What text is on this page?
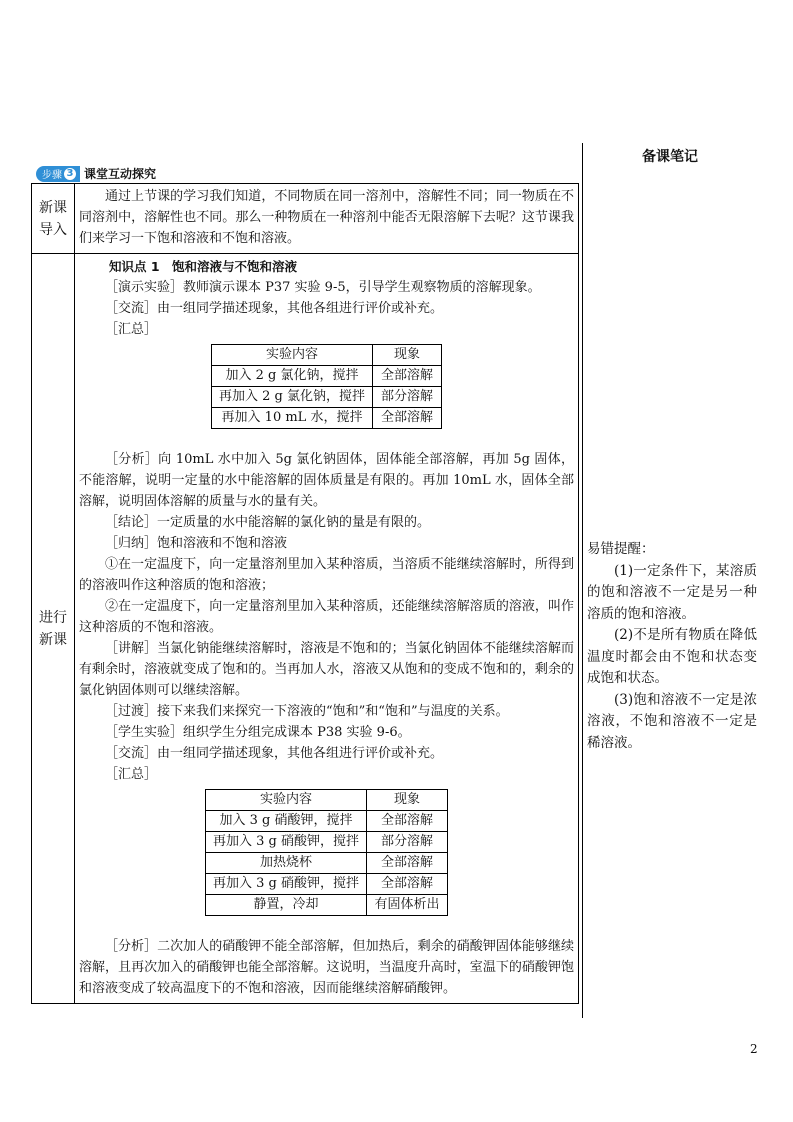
备课笔记
步骤 3 课堂互动探究
新课导入

通过上节课的学习我们知道，不同物质在同一溶剂中，溶解性不同；同一物质在不同溶剂中，溶解性也不同。那么一种物质在一种溶剂中能否无限溶解下去呢？这节课我们来学习一下饱和溶液和不饱和溶液。

进行新课

知识点 1　饱和溶液与不饱和溶液

［演示实验］教师演示课本 P37 实验 9-5，引导学生观察物质的溶解现象。

［交流］由一组同学描述现象，其他各组进行评价或补充。

［汇总］

实验内容	现象
加入 2 g 氯化钠，搅拌	全部溶解
再加入 2 g 氯化钠，搅拌	部分溶解
再加入 10 mL 水，搅拌	全部溶解

［分析］向 10mL 水中加入 5g 氯化钠固体，固体能全部溶解，再加 5g 固体，不能溶解，说明一定量的水中能溶解的固体质量是有限的。再加 10mL 水，固体全部溶解，说明固体溶解的质量与水的量有关。

［结论］一定质量的水中能溶解的氯化钠的量是有限的。

［归纳］饱和溶液和不饱和溶液

①在一定温度下，向一定量溶剂里加入某种溶质，当溶质不能继续溶解时，所得到的溶液叫作这种溶质的饱和溶液；

②在一定温度下，向一定量溶剂里加入某种溶质，还能继续溶解溶质的溶液，叫作这种溶质的不饱和溶液。

［讲解］当氯化钠能继续溶解时，溶液是不饱和的；当氯化钠固体不能继续溶解而有剩余时，溶液就变成了饱和的。当再加人水，溶液又从饱和的变成不饱和的，剩余的氯化钠固体则可以继续溶解。

［过渡］接下来我们来探究一下溶液的“饱和”和“饱和”与温度的关系。

［学生实验］组织学生分组完成课本 P38 实验 9-6。

［交流］由一组同学描述现象，其他各组进行评价或补充。

［汇总］

实验内容	现象
加入 3 g 硝酸钾，搅拌	全部溶解
再加入 3 g 硝酸钾，搅拌	部分溶解
加热烧杯	全部溶解
再加入 3 g 硝酸钾，搅拌	全部溶解
静置，冷却	有固体析出

［分析］二次加人的硝酸钾不能全部溶解，但加热后，剩余的硝酸钾固体能够继续溶解，且再次加入的硝酸钾也能全部溶解。这说明，当温度升高时，室温下的硝酸钾饱和溶液变成了较高温度下的不饱和溶液，因而能继续溶解硝酸钾。

易错提醒：

(1)一定条件下，某溶质的饱和溶液不一定是另一种溶质的饱和溶液。

(2)不是所有物质在降低温度时都会由不饱和状态变成饱和状态。

(3)饱和溶液不一定是浓溶液，不饱和溶液不一定是稀溶液。

2
